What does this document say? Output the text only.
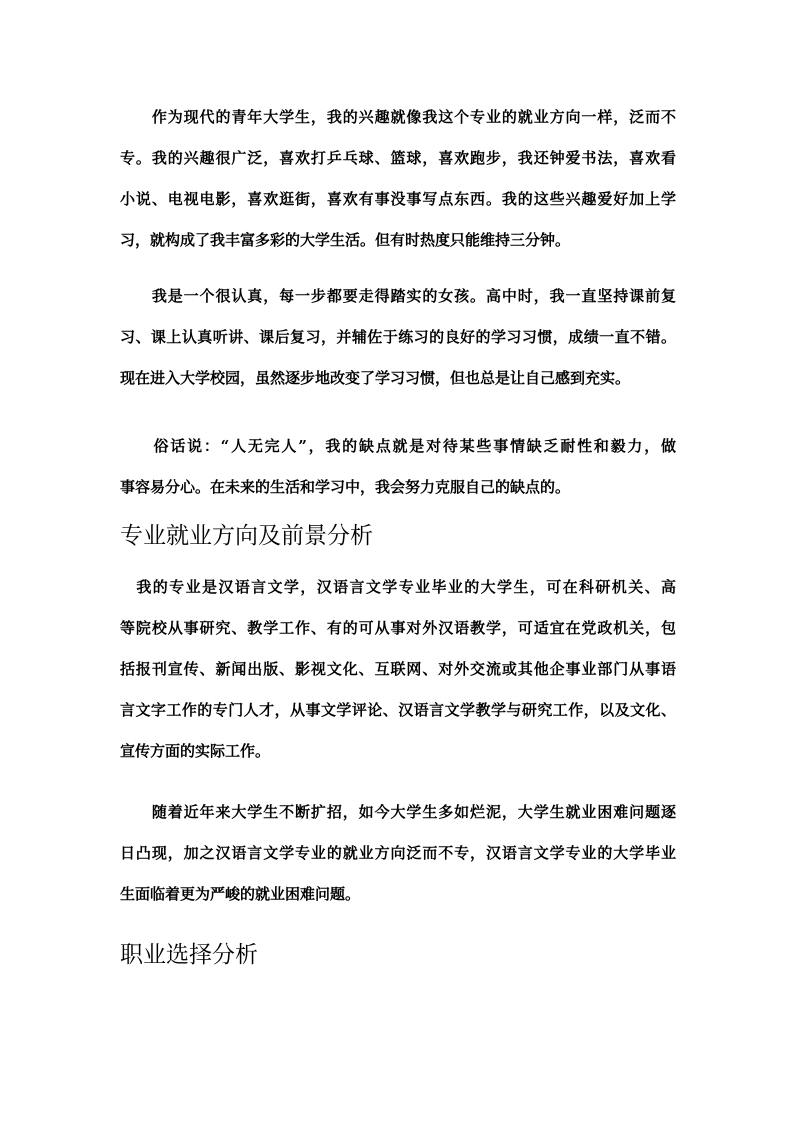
　　作为现代的青年大学生，我的兴趣就像我这个专业的就业方向一样，泛而不
专。我的兴趣很广泛，喜欢打乒乓球、篮球，喜欢跑步，我还钟爱书法，喜欢看
小说、电视电影，喜欢逛街，喜欢有事没事写点东西。我的这些兴趣爱好加上学
习，就构成了我丰富多彩的大学生活。但有时热度只能维持三分钟。
　　我是一个很认真，每一步都要走得踏实的女孩。高中时，我一直坚持课前复
习、课上认真听讲、课后复习，并辅佐于练习的良好的学习习惯，成绩一直不错。
现在进入大学校园，虽然逐步地改变了学习习惯，但也总是让自己感到充实。
　　俗话说：“人无完人”，我的缺点就是对待某些事情缺乏耐性和毅力，做
事容易分心。在未来的生活和学习中，我会努力克服自己的缺点的。
专业就业方向及前景分析
　我的专业是汉语言文学，汉语言文学专业毕业的大学生，可在科研机关、高
等院校从事研究、教学工作、有的可从事对外汉语教学，可适宜在党政机关，包
括报刊宣传、新闻出版、影视文化、互联网、对外交流或其他企事业部门从事语
言文字工作的专门人才，从事文学评论、汉语言文学教学与研究工作，以及文化、
宣传方面的实际工作。
　　随着近年来大学生不断扩招，如今大学生多如烂泥，大学生就业困难问题逐
日凸现，加之汉语言文学专业的就业方向泛而不专，汉语言文学专业的大学毕业
生面临着更为严峻的就业困难问题。
职业选择分析
